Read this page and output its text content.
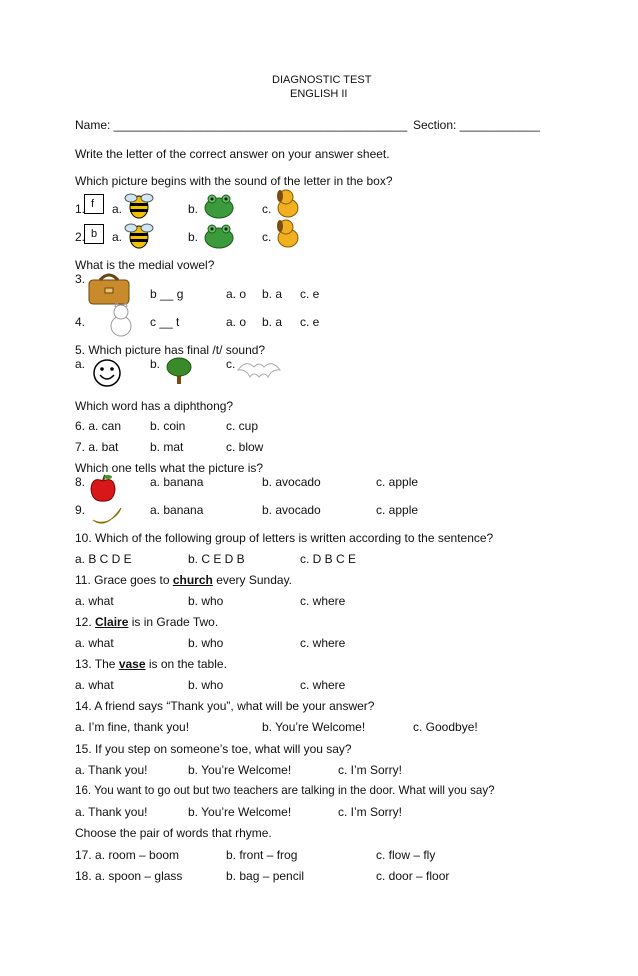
DIAGNOSTIC TEST
ENGLISH II
Name: ____________________________________________ Section: ____________
Write the letter of the correct answer on your answer sheet.
Which picture begins with the sound of the letter in the box?
1. f	a.	b.	c.
2. b	a.	b.	c.
What is the medial vowel?
3.
b __ g	a. o b. a c. e
4.	c __ t	a. o b. a c. e
5. Which picture has final /t/ sound?
a.	b.	c.
Which word has a diphthong?
6. a. can b. coin	c. cup
7. a. bat	b. mat	c. blow
Which one tells what the picture is?
8.	a. banana	b. avocado	c. apple
9.	a. banana	b. avocado	c. apple
10. Which of the following group of letters is written according to the sentence?
a. B C D E	b. C E D B	c. D B C E
11. Grace goes to church every Sunday.
a. what	b. who	c. where
12. Claire is in Grade Two.
a. what	b. who	c. where
13. The vase is on the table.
a. what	b. who	c. where
14. A friend says “Thank you”, what will be your answer?
a. I’m fine, thank you!	b. You’re Welcome!	c. Goodbye!
15. If you step on someone’s toe, what will you say?
a. Thank you!	b. You’re Welcome!	c. I’m Sorry!
16. You want to go out but two teachers are talking in the door. What will you say?
a. Thank you!	b. You’re Welcome!	c. I’m Sorry!
Choose the pair of words that rhyme.
17. a. room – boom	b. front – frog	c. flow – fly
18. a. spoon – glass	b. bag – pencil	c. door – floor
